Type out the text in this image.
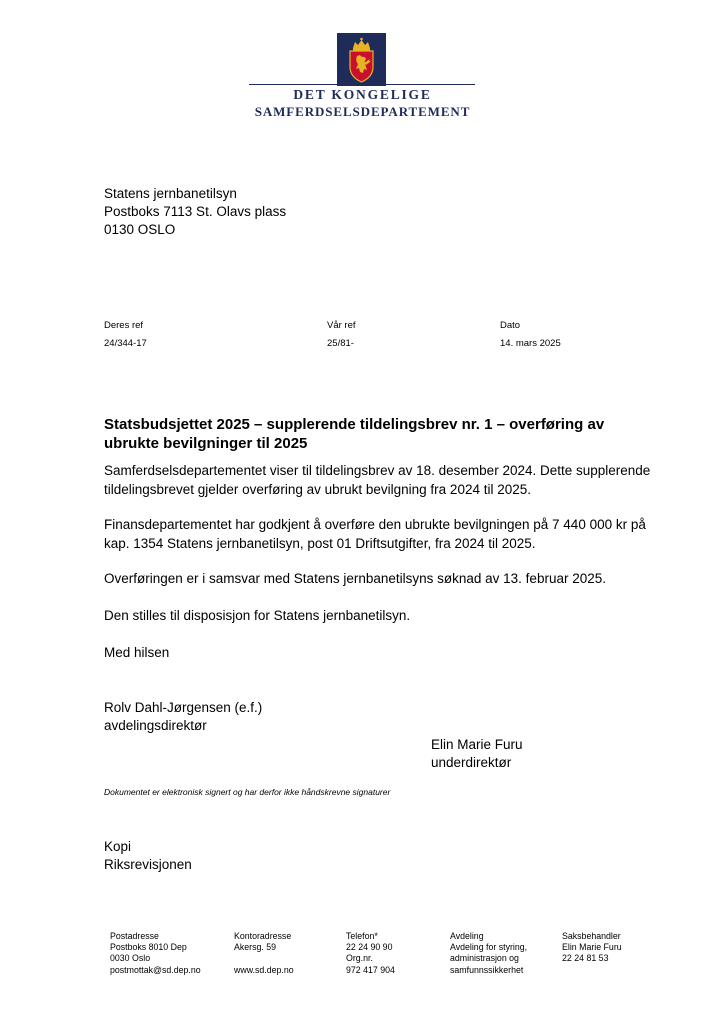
DET KONGELIGE
SAMFERDSELSDEPARTEMENT
Statens jernbanetilsyn
Postboks 7113 St. Olavs plass
0130 OSLO
Deres ref
24/344-17
Vår ref
25/81-
Dato
14. mars 2025
Statsbudsjettet 2025 – supplerende tildelingsbrev nr. 1 – overføring av ubrukte bevilgninger til 2025
Samferdselsdepartementet viser til tildelingsbrev av 18. desember 2024. Dette supplerende tildelingsbrevet gjelder overføring av ubrukt bevilgning fra 2024 til 2025.
Finansdepartementet har godkjent å overføre den ubrukte bevilgningen på 7 440 000 kr på kap. 1354 Statens jernbanetilsyn, post 01 Driftsutgifter, fra 2024 til 2025.
Overføringen er i samsvar med Statens jernbanetilsyns søknad av 13. februar 2025.
Den stilles til disposisjon for Statens jernbanetilsyn.
Med hilsen
Rolv Dahl-Jørgensen (e.f.)
avdelingsdirektør
Elin Marie Furu
underdirektør
Dokumentet er elektronisk signert og har derfor ikke håndskrevne signaturer
Kopi
Riksrevisjonen
Postadresse
Postboks 8010 Dep
0030 Oslo
postmottak@sd.dep.no
Kontoradresse
Akersg. 59

www.sd.dep.no
Telefon*
22 24 90 90
Org.nr.
972 417 904
Avdeling
Avdeling for styring,
administrasjon og
samfunnssikkerhet
Saksbehandler
Elin Marie Furu
22 24 81 53
